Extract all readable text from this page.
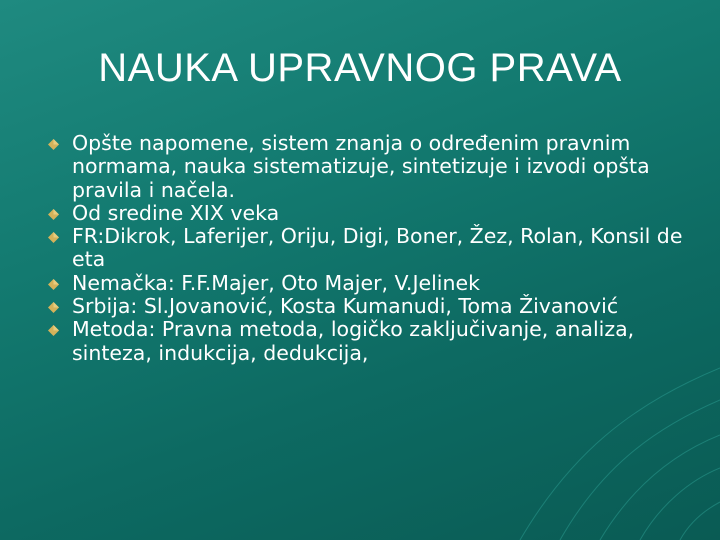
NAUKA UPRAVNOG PRAVA
Opšte napomene, sistem znanja o određenim pravnim normama, nauka sistematizuje, sintetizuje i izvodi opšta pravila i načela.
Od sredine XIX veka
FR:Dikrok, Laferijer, Oriju, Digi, Boner, Žez, Rolan, Konsil de eta
Nemačka: F.F.Majer, Oto Majer, V.Jelinek
Srbija: Sl.Jovanović, Kosta Kumanudi, Toma Živanović
Metoda: Pravna metoda, logičko zaključivanje, analiza, sinteza, indukcija, dedukcija,
